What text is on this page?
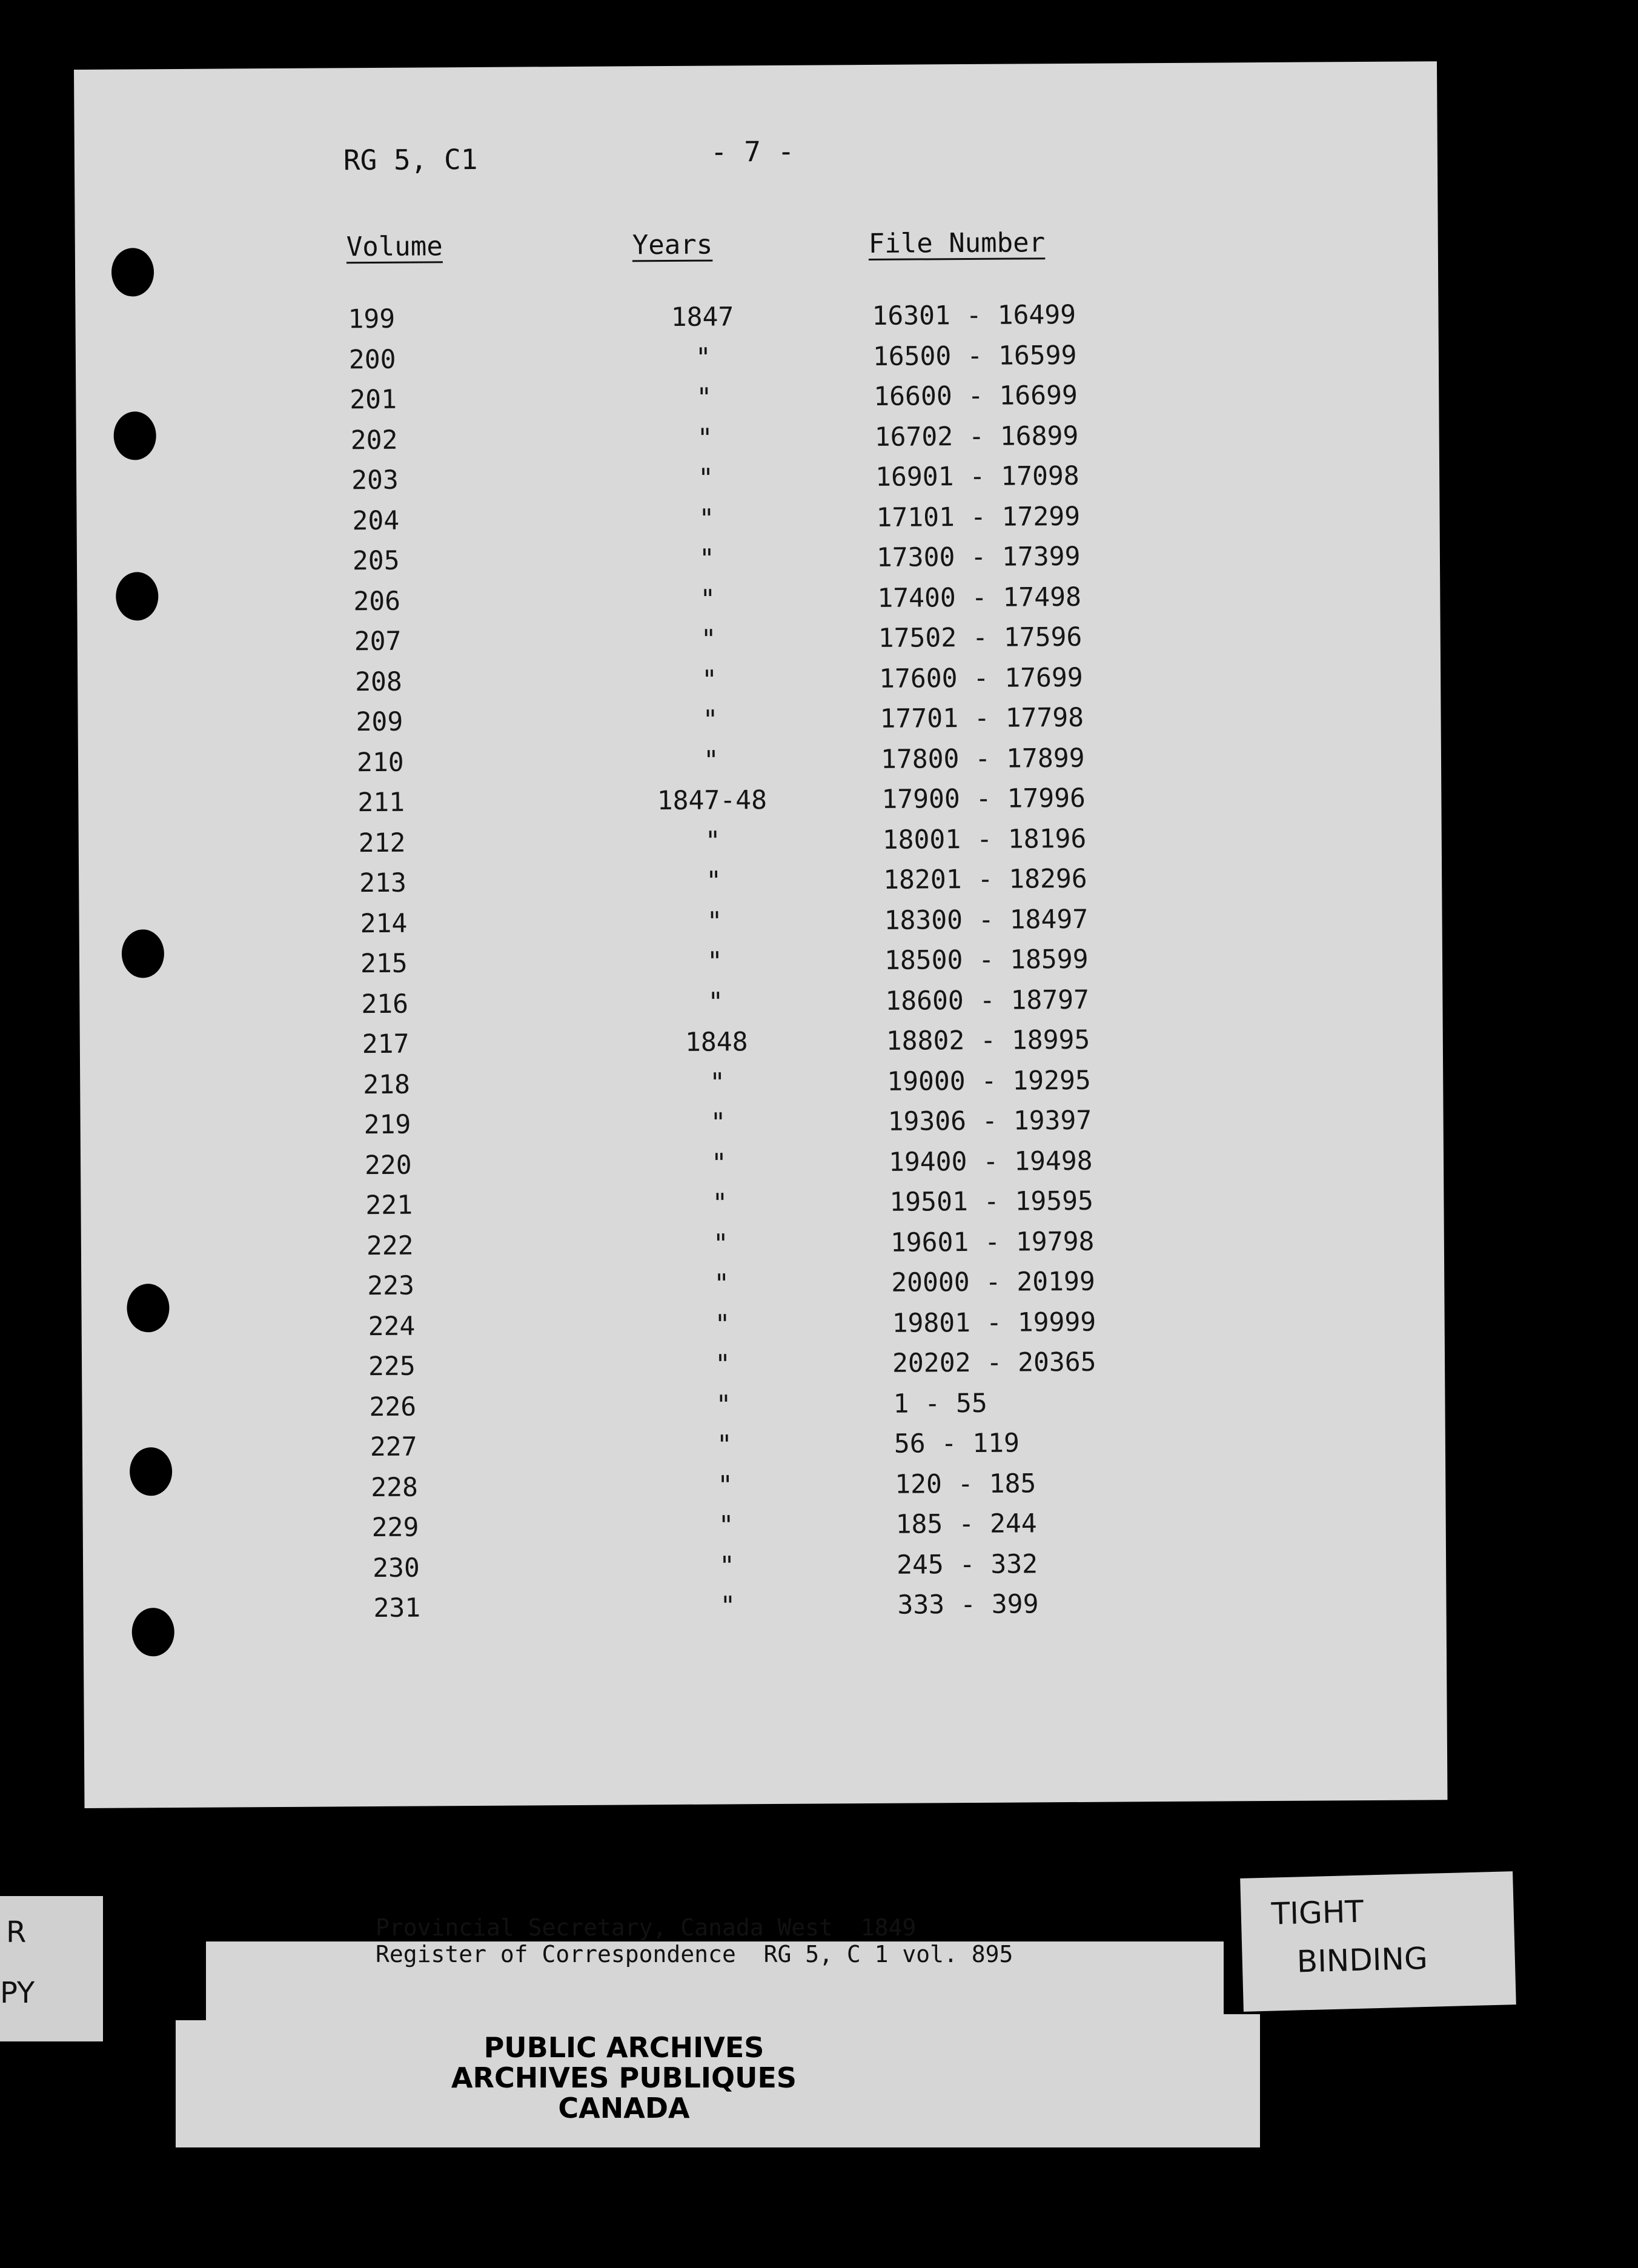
RG 5, C1	- 7 -
Volume	Years	File Number
199	1847	16301 - 16499
200	"	16500 - 16599
201	"	16600 - 16699
202	"	16702 - 16899
203	"	16901 - 17098
204	"	17101 - 17299
205	"	17300 - 17399
206	"	17400 - 17498
207	"	17502 - 17596
208	"	17600 - 17699
209	"	17701 - 17798
210	"	17800 - 17899
211	1847-48	17900 - 17996
212	"	18001 - 18196
213	"	18201 - 18296
214	"	18300 - 18497
215	"	18500 - 18599
216	"	18600 - 18797
217	1848	18802 - 18995
218	"	19000 - 19295
219	"	19306 - 19397
220	"	19400 - 19498
221	"	19501 - 19595
222	"	19601 - 19798
223	"	20000 - 20199
224	"	19801 - 19999
225	"	20202 - 20365
226	"	1 - 55
227	"	56 - 119
228	"	120 - 185
229	"	185 - 244
230	"	245 - 332
231	"	333 - 399
Provincial Secretary, Canada West  1849
Register of Correspondence  RG 5, C 1 vol. 895
PUBLIC ARCHIVES
ARCHIVES PUBLIQUES
CANADA
TIGHT
BINDING
R
PY
